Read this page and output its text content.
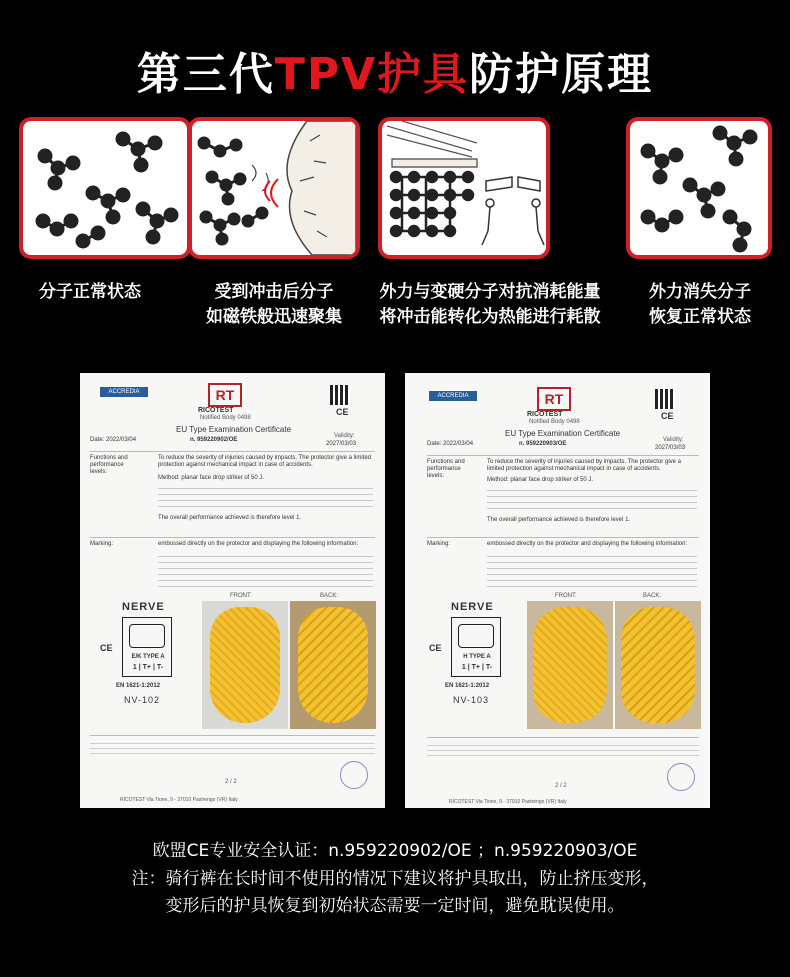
第三代TPV护具防护原理
分子正常状态	受到冲击后分子
如磁铁般迅速聚集
外力与变硬分子对抗消耗能量
将冲击能转化为热能进行耗散
外力消失分子
恢复正常状态
ACCREDIA	RT
RICOTEST
Notified Body 0498
CE
EU Type Examination Certificate
Date: 2022/03/04	n. 959220902/OE
Validity:
2027/03/03
Functions and performance levels:
To reduce the severity of injuries caused by impacts. The protector give a limited protection against mechanical impact in case of accidents.
Method: planar face drop striker of 50 J.
The overall performance achieved is therefore level 1.
Marking:	embossed directly on the protector and displaying the following information:
NERVE
CE
E/K TYPE A
1 | T+ | T-
EN 1621-1:2012
NV-102
FRONT:	BACK:
2 / 2
RICOTEST Via Tione, 9 - 37010 Pastrengo (VR) Italy
ACCREDIA	RT
RICOTEST
Notified Body 0498
CE
EU Type Examination Certificate
Date: 2022/03/04	n. 959220903/OE
Validity:
2027/03/03
Functions and performance levels:
To reduce the severity of injuries caused by impacts. The protector give a limited protection against mechanical impact in case of accidents.
Method: planar face drop striker of 50 J.
The overall performance achieved is therefore level 1.
Marking:	embossed directly on the protector and displaying the following information:
NERVE
CE
H TYPE A
1 | T+ | T-
EN 1621-1:2012
NV-103
FRONT:	BACK:
2 / 2
RICOTEST Via Tione, 9 - 37010 Pastrengo (VR) Italy
欧盟CE专业安全认证：n.959220902/OE ；n.959220903/OE
注：骑行裤在长时间不使用的情况下建议将护具取出，防止挤压变形，
变形后的护具恢复到初始状态需要一定时间，避免耽误使用。
